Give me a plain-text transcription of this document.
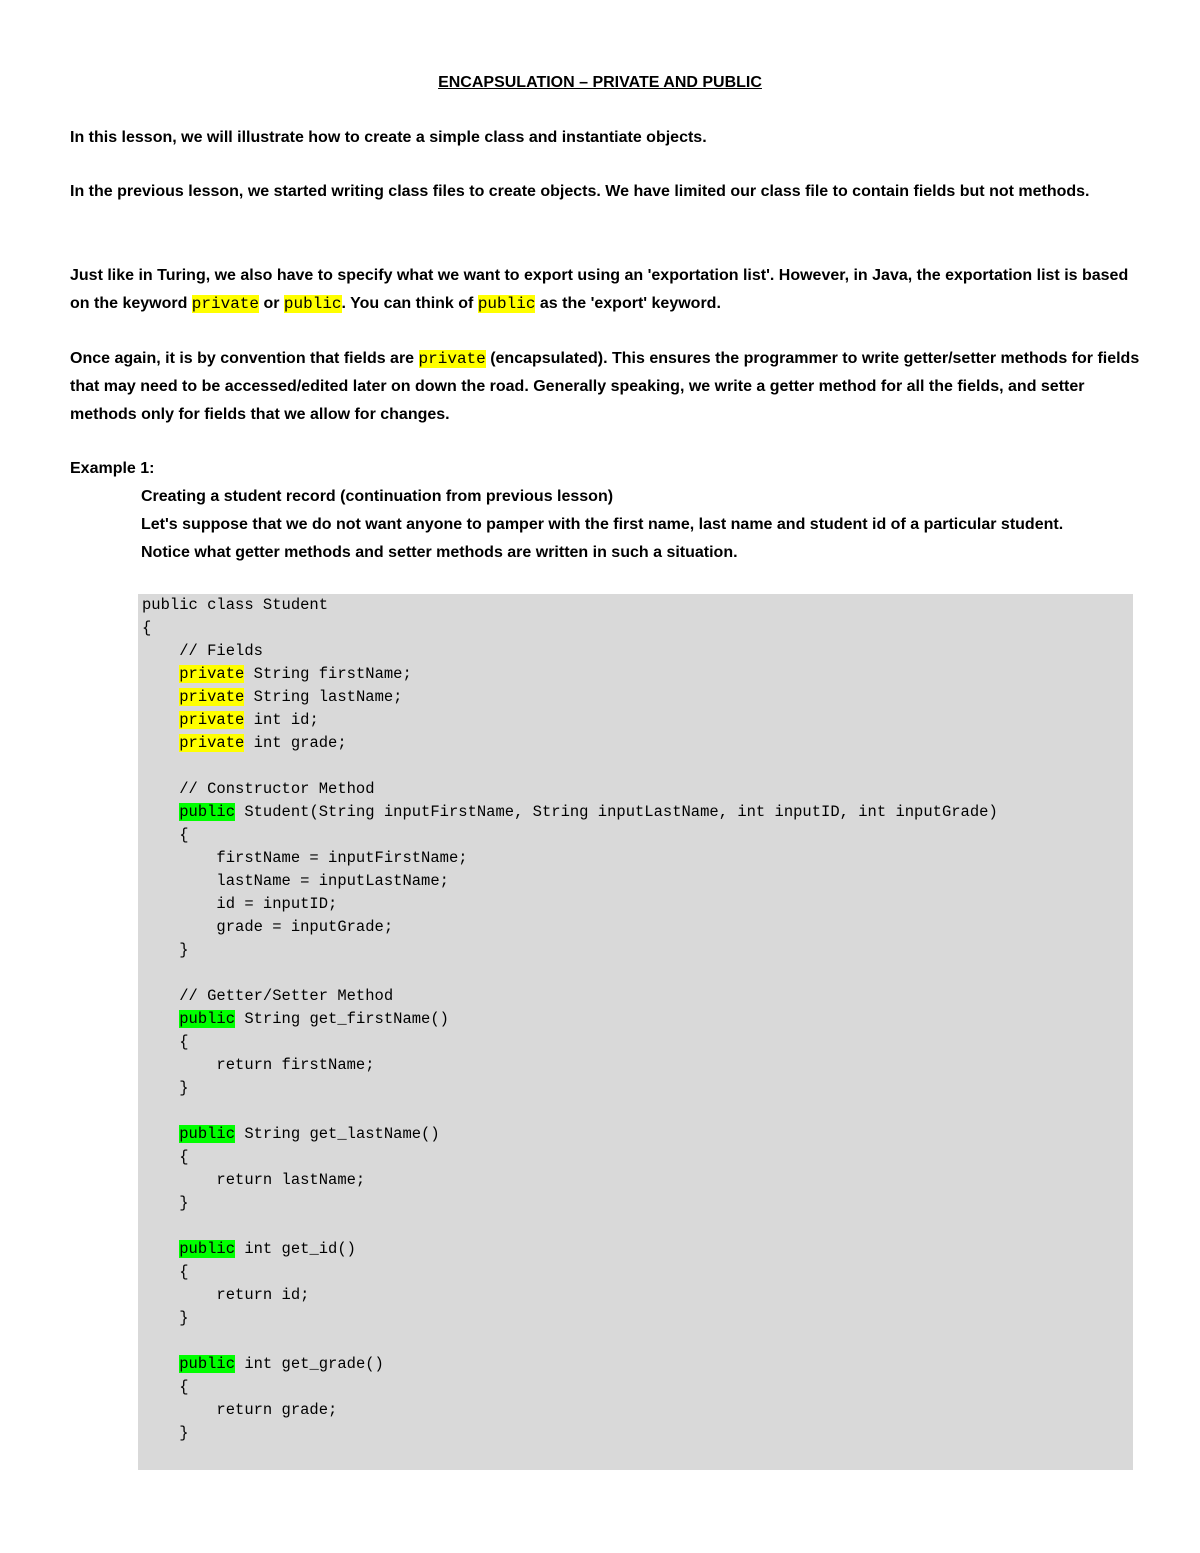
ENCAPSULATION – PRIVATE AND PUBLIC
In this lesson, we will illustrate how to create a simple class and instantiate objects.
In the previous lesson, we started writing class files to create objects. We have limited our class file to contain fields but not methods.
Just like in Turing, we also have to specify what we want to export using an 'exportation list'. However, in Java, the exportation list is based on the keyword private or public. You can think of public as the 'export' keyword.
Once again, it is by convention that fields are private (encapsulated). This ensures the programmer to write getter/setter methods for fields that may need to be accessed/edited later on down the road. Generally speaking, we write a getter method for all the fields, and setter methods only for fields that we allow for changes.
Example 1:
Creating a student record (continuation from previous lesson)
Let's suppose that we do not want anyone to pamper with the first name, last name and student id of a particular student.
Notice what getter methods and setter methods are written in such a situation.
public class Student
{
// Fields
private String firstName;
private String lastName;
private int id;
private int grade;

// Constructor Method
public Student(String inputFirstName, String inputLastName, int inputID, int inputGrade)
{
firstName = inputFirstName;
lastName = inputLastName;
id = inputID;
grade = inputGrade;
}

// Getter/Setter Method
public String get_firstName()
{
return firstName;
}

public String get_lastName()
{
return lastName;
}

public int get_id()
{
return id;
}

public int get_grade()
{
return grade;
}
